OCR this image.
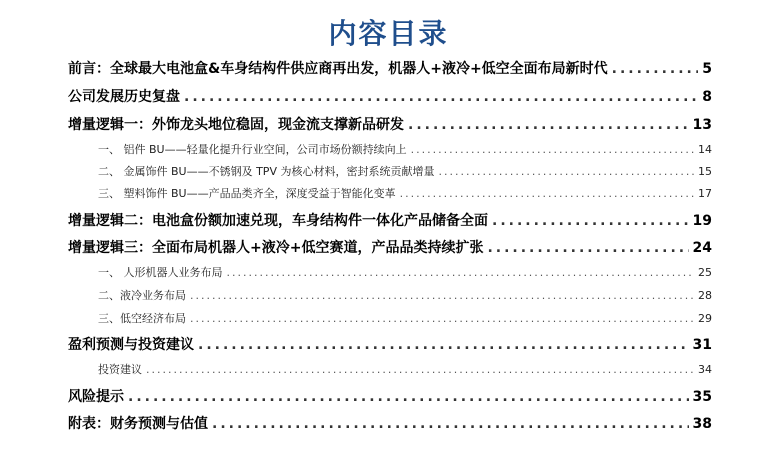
内容目录
前言：全球最大电池盒&车身结构件供应商再出发，机器人+液冷+低空全面布局新时代 .....	5
公司发展历史复盘 .....	8
增量逻辑一：外饰龙头地位稳固，现金流支撑新品研发 .....	13
一、 铝件 BU——轻量化提升行业空间，公司市场份额持续向上 .....	14
二、 金属饰件 BU——不锈钢及 TPV 为核心材料，密封系统贡献增量 .....	15
三、 塑料饰件 BU——产品品类齐全，深度受益于智能化变革 .....	17
增量逻辑二：电池盒份额加速兑现，车身结构件一体化产品储备全面 .....	19
增量逻辑三：全面布局机器人+液冷+低空赛道，产品品类持续扩张 .....	24
一、 人形机器人业务布局 .....	25
二、液冷业务布局 .....	28
三、低空经济布局 .....	29
盈利预测与投资建议 .....	31
投资建议 .....	34
风险提示 .....	35
附表：财务预测与估值 .....	38
